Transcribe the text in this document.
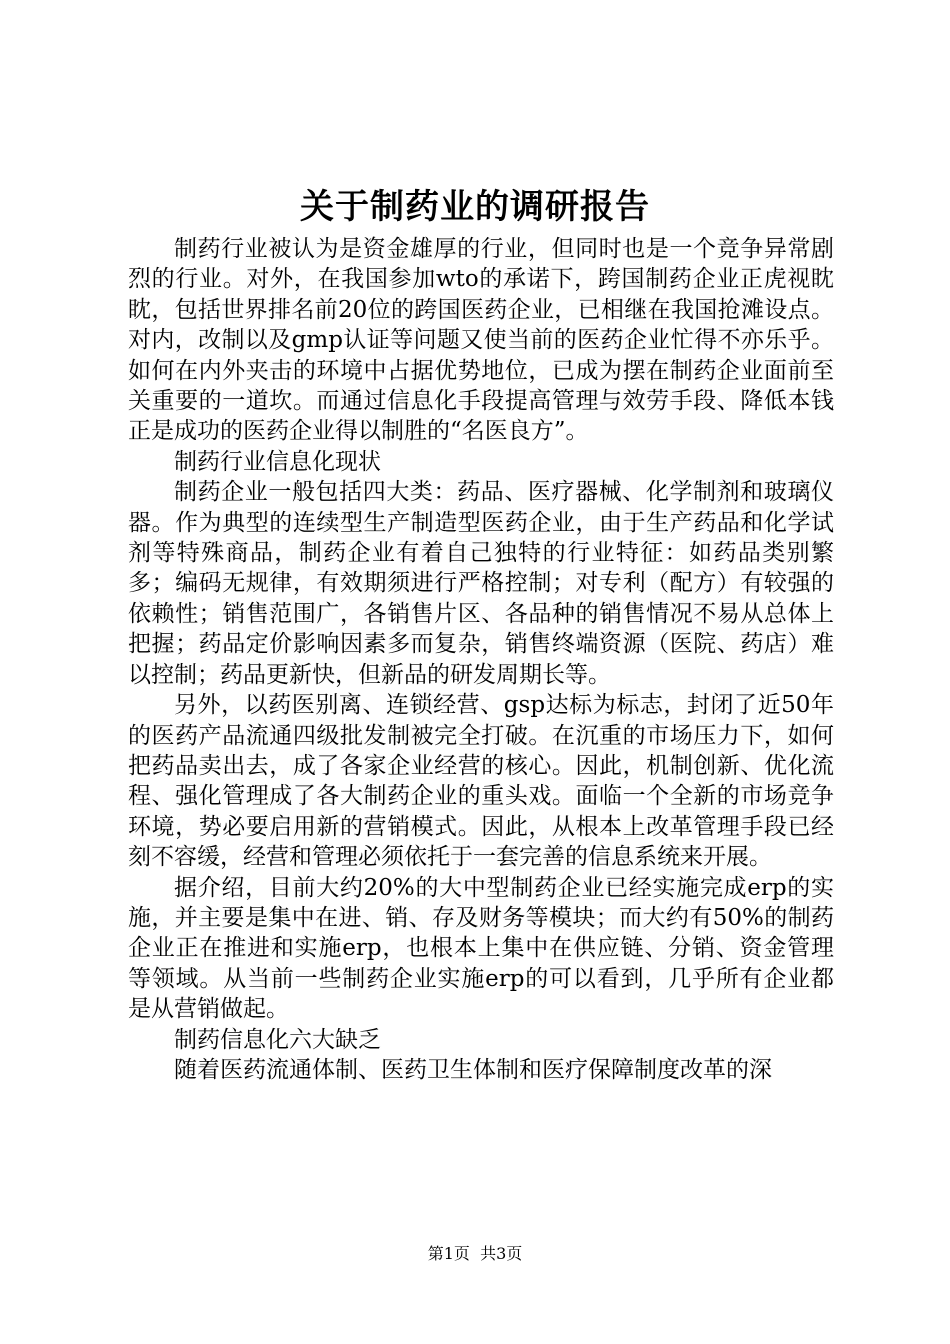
关于制药业的调研报告

制药行业被认为是资金雄厚的行业，但同时也是一个竞争异常剧烈的行业。对外，在我国参加wto的承诺下，跨国制药企业正虎视眈眈，包括世界排名前20位的跨国医药企业，已相继在我国抢滩设点。对内，改制以及gmp认证等问题又使当前的医药企业忙得不亦乐乎。如何在内外夹击的环境中占据优势地位，已成为摆在制药企业面前至关重要的一道坎。而通过信息化手段提高管理与效劳手段、降低本钱正是成功的医药企业得以制胜的“名医良方”。

制药行业信息化现状

制药企业一般包括四大类：药品、医疗器械、化学制剂和玻璃仪器。作为典型的连续型生产制造型医药企业，由于生产药品和化学试剂等特殊商品，制药企业有着自己独特的行业特征：如药品类别繁多；编码无规律，有效期须进行严格控制；对专利（配方）有较强的依赖性；销售范围广，各销售片区、各品种的销售情况不易从总体上把握；药品定价影响因素多而复杂，销售终端资源（医院、药店）难以控制；药品更新快，但新品的研发周期长等。

另外，以药医别离、连锁经营、gsp达标为标志，封闭了近50年的医药产品流通四级批发制被完全打破。在沉重的市场压力下，如何把药品卖出去，成了各家企业经营的核心。因此，机制创新、优化流程、强化管理成了各大制药企业的重头戏。面临一个全新的市场竞争环境，势必要启用新的营销模式。因此，从根本上改革管理手段已经刻不容缓，经营和管理必须依托于一套完善的信息系统来开展。

据介绍，目前大约20%的大中型制药企业已经实施完成erp的实施，并主要是集中在进、销、存及财务等模块；而大约有50%的制药企业正在推进和实施erp，也根本上集中在供应链、分销、资金管理等领域。从当前一些制药企业实施erp的可以看到，几乎所有企业都是从营销做起。

制药信息化六大缺乏

随着医药流通体制、医药卫生体制和医疗保障制度改革的深

第1页  共3页
